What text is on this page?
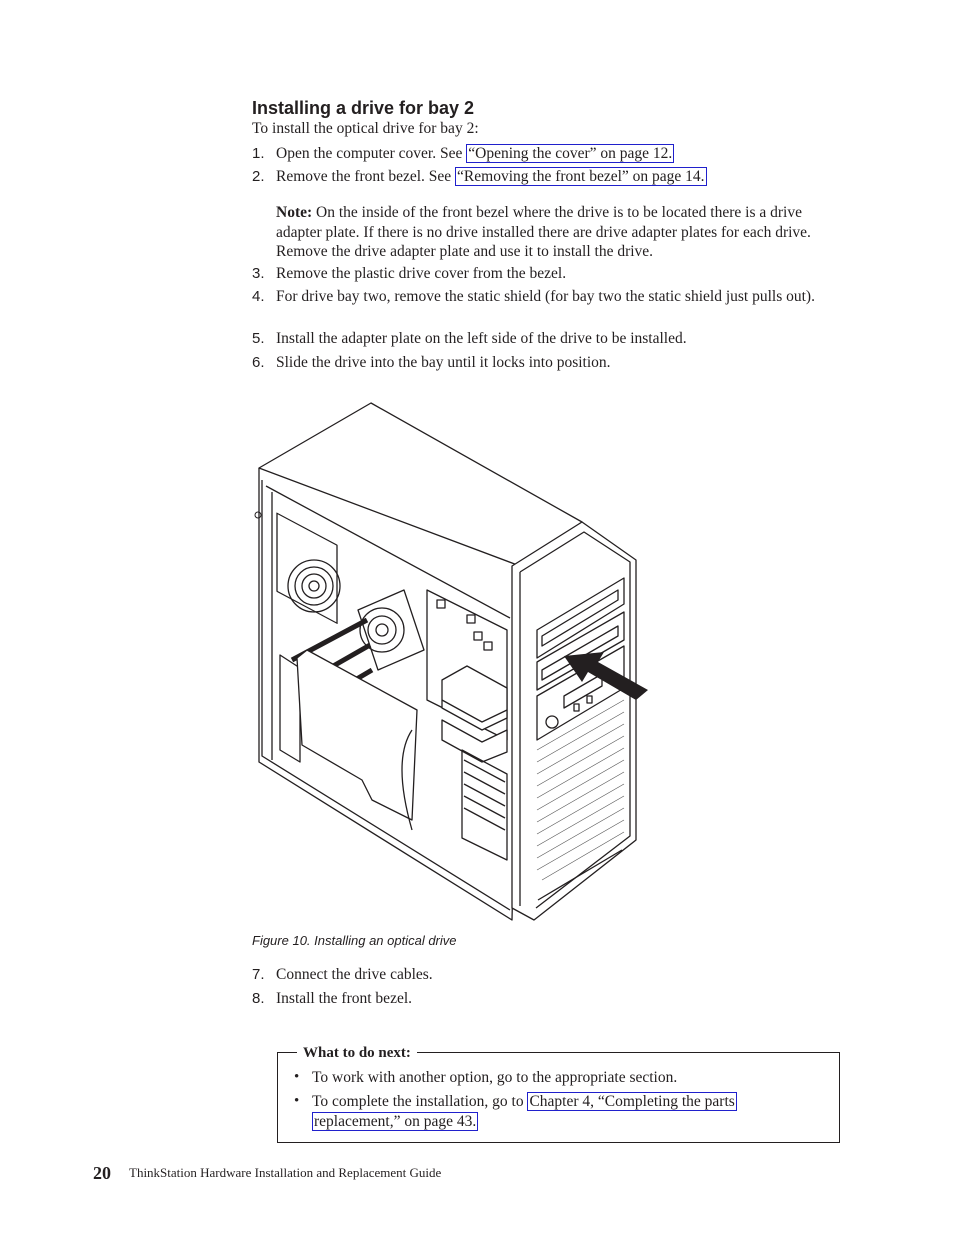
Installing a drive for bay 2
To install the optical drive for bay 2:
1. Open the computer cover. See “Opening the cover” on page 12.
2. Remove the front bezel. See “Removing the front bezel” on page 14.
Note: On the inside of the front bezel where the drive is to be located there is a drive adapter plate. If there is no drive installed there are drive adapter plates for each drive. Remove the drive adapter plate and use it to install the drive.
3. Remove the plastic drive cover from the bezel.
4. For drive bay two, remove the static shield (for bay two the static shield just pulls out).
5. Install the adapter plate on the left side of the drive to be installed.
6. Slide the drive into the bay until it locks into position.
Figure 10. Installing an optical drive
7. Connect the drive cables.
8. Install the front bezel.
What to do next:
• To work with another option, go to the appropriate section.
• To complete the installation, go to Chapter 4, “Completing the parts
replacement,” on page 43.
20 ThinkStation Hardware Installation and Replacement Guide
